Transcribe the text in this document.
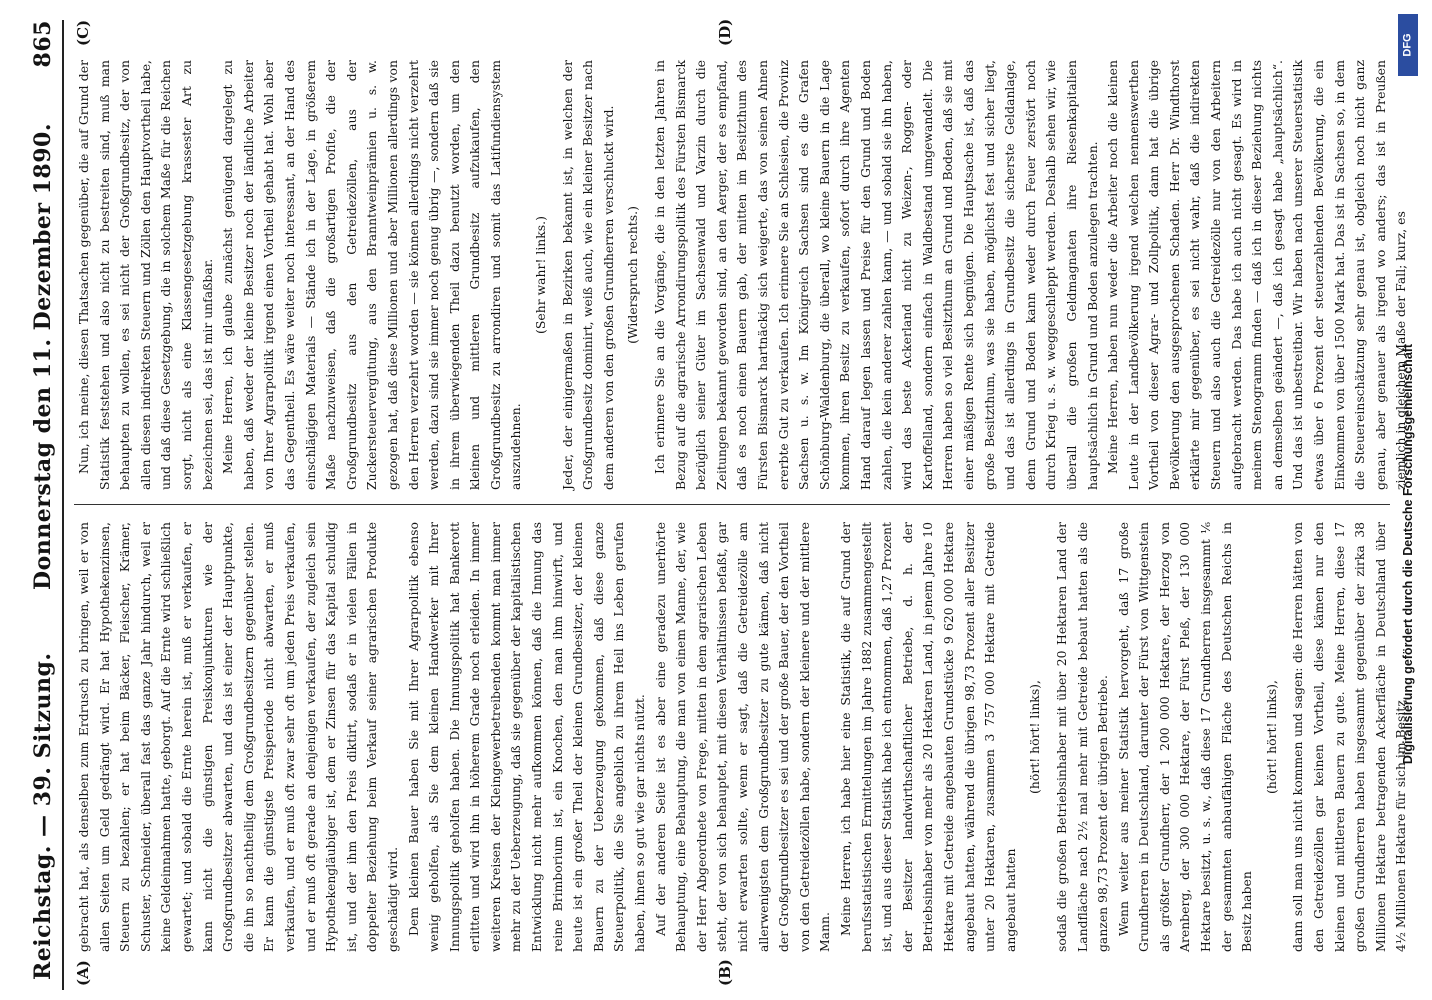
Reichstag. — 39. Sitzung.
Donnerstag den 11. Dezember 1890.
865
(A)	(B)
(C)	(D)

gebracht hat, als denselben zum Erdrusch zu bringen, weil er von allen Seiten um Geld gedrängt wird. Er hat Hypothekenzinsen, Steuern zu bezahlen; er hat beim Bäcker, Fleischer, Krämer, Schuster, Schneider, überall fast das ganze Jahr hindurch, weil er keine Geldeinnahmen hatte, geborgt. Auf die Ernte wird schließlich gewartet; und sobald die Ernte herein ist, muß er verkaufen, er kann nicht die günstigen Preiskonjunkturen wie der Großgrundbesitzer abwarten, und das ist einer der Hauptpunkte, die ihn so nachtheilig dem Großgrundbesitzern gegenüber stellen. Er kann die günstigste Preisperiode nicht abwarten, er muß verkaufen, und er muß oft zwar sehr oft um jeden Preis verkaufen, und er muß oft gerade an denjenigen verkaufen, der zugleich sein Hypothekengläubiger ist, dem er Zinsen für das Kapital schuldig ist, und der ihm den Preis diktirt, sodaß er in vielen Fällen in doppelter Beziehung beim Verkauf seiner agrarischen Produkte geschädigt wird. Dem kleinen Bauer haben Sie mit Ihrer Agrarpolitik ebenso wenig geholfen, als Sie dem kleinen Handwerker mit Ihrer Innungspolitik geholfen haben. Die Innungspolitik hat Bankerott erlitten und wird ihn in höherem Grade noch erleiden. In immer weiteren Kreisen der Kleingewerbetreibenden kommt man immer mehr zu der Ueberzeugung, daß sie gegenüber der kapitalistischen Entwicklung nicht mehr aufkommen können, daß die Innung das reine Brimborium ist, ein Knochen, den man ihm hinwirft, und heute ist ein großer Theil der kleinen Grundbesitzer, der kleinen Bauern zu der Ueberzeugung gekommen, daß diese ganze Steuerpolitik, die Sie angeblich zu ihrem Heil ins Leben gerufen haben, ihnen so gut wie gar nichts nützt. Auf der anderen Seite ist es aber eine geradezu unerhörte Behauptung, eine Behauptung, die man von einem Manne, der, wie der Herr Abgeordnete von Frege, mitten in dem agrarischen Leben steht, der von sich behauptet, mit diesen Verhältnissen befaßt, gar nicht erwarten sollte, wenn er sagt, daß die Getreidezölle am allerwenigsten dem Großgrundbesitzer zu gute kämen, daß nicht der Großgrundbesitzer es sei und der große Bauer, der den Vortheil von den Getreidezöllen habe, sondern der kleinere und der mittlere Mann. Meine Herren, ich habe hier eine Statistik, die auf Grund der berufsstatistischen Ermittelungen im Jahre 1882 zusammengestellt ist, und aus dieser Statistik habe ich entnommen, daß 1,27 Prozent der Besitzer landwirthschaftlicher Betriebe, d. h. der Betriebsinhaber von mehr als 20 Hektaren Land, in jenem Jahre 10 Hektare mit Getreide angebauten Grundstücke 9 620 000 Hektare angebaut hatten, während die übrigen 98,73 Prozent aller Besitzer unter 20 Hektaren, zusammen 3 757 000 Hektare mit Getreide angebaut hatten

(hört! hört! links), sodaß die großen Betriebsinhaber mit über 20 Hektaren Land der Landfläche nach 2½ mal mehr mit Getreide bebaut hatten als die ganzen 98,73 Prozent der übrigen Betriebe. Wenn weiter aus meiner Statistik hervorgeht, daß 17 große Grundherren in Deutschland, darunter der Fürst von Wittgenstein als größter Grundherr, der 1 200 000 Hektare, der Herzog von Arenberg, der 300 000 Hektare, der Fürst Pleß, der 130 000 Hektare besitzt, u. s. w., daß diese 17 Grundherren insgesammt ⅙ der gesammten anbaufähigen Fläche des Deutschen Reichs in Besitz haben

(hört! hört! links), dann soll man uns nicht kommen und sagen: die Herren hätten von den Getreidezöllen gar keinen Vortheil, diese kämen nur den kleinen und mittleren Bauern zu gute. Meine Herren, diese 17 großen Grundherren haben insgesammt gegenüber der zirka 38 Millionen Hektare betragenden Ackerfläche in Deutschland über 4½ Millionen Hektare für sich im Besitz.

Nun, ich meine, diesen Thatsachen gegenüber, die auf Grund der Statistik feststehen und also nicht zu bestreiten sind, muß man behaupten zu wollen, es sei nicht der Großgrundbesitz, der von allen diesen indirekten Steuern und Zöllen den Hauptvortheil habe, und daß diese Gesetzgebung, die in solchem Maße für die Reichen sorgt, nicht als eine Klassengesetzgebung krassester Art zu bezeichnen sei, das ist mir unfaßbar. Meine Herren, ich glaube zunächst genügend dargelegt zu haben, daß weder der kleine Besitzer noch der ländliche Arbeiter von Ihrer Agrarpolitik irgend einen Vortheil gehabt hat. Wohl aber das Gegentheil. Es wäre weiter noch interessant, an der Hand des einschlägigen Materials — Stände ich in der Lage, in größerem Maße nachzuweisen, daß die großartigen Profite, die der Großgrundbesitz aus den Getreidezöllen, aus der Zuckersteuervergütung, aus den Branntweinprämien u. s. w. gezogen hat, daß diese Millionen und aber Millionen allerdings von den Herren verzehrt worden — sie können allerdings nicht verzehrt werden, dazu sind sie immer noch genug übrig —, sondern daß sie in ihrem überwiegenden Theil dazu benutzt worden, um den kleinen und mittleren Grundbesitz aufzukaufen, den Großgrundbesitz zu arrondiren und somit das Latifundiensystem auszudehnen.

(Sehr wahr! links.) Jeder, der einigermaßen in Bezirken bekannt ist, in welchen der Großgrundbesitz dominirt, weiß auch, wie ein kleiner Besitzer nach dem anderen von den großen Grundherren verschluckt wird. (Widerspruch rechts.) Ich erinnere Sie an die Vorgänge, die in den letzten Jahren in Bezug auf die agrarische Arrondirungspolitik des Fürsten Bismarck bezüglich seiner Güter im Sachsenwald und Varzin durch die Zeitungen bekannt geworden sind, an den Aerger, der es empfand, daß es noch einen Bauern gab, der mitten im Besitzthum des Fürsten Bismarck hartnäckig sich weigerte, das von seinen Ahnen ererbte Gut zu verkaufen. Ich erinnere Sie an Schlesien, die Provinz Sachsen u. s. w. Im Königreich Sachsen sind es die Grafen Schönburg-Waldenburg, die überall, wo kleine Bauern in die Lage kommen, ihren Besitz zu verkaufen, sofort durch ihre Agenten Hand darauf legen lassen und Preise für den Grund und Boden zahlen, die kein anderer zahlen kann, — und sobald sie ihn haben, wird das beste Ackerland nicht zu Weizen-, Roggen- oder Kartoffelland, sondern einfach in Waldbestand umgewandelt. Die Herren haben so viel Besitzthum an Grund und Boden, daß sie mit einer mäßigen Rente sich begnügen. Die Hauptsache ist, daß das große Besitzthum, was sie haben, möglichst fest und sicher liegt, und das ist allerdings in Grundbesitz die sicherste Geldanlage, denn Grund und Boden kann weder durch Feuer zerstört noch durch Krieg u. s. w. weggeschleppt werden. Deshalb sehen wir, wie überall die großen Geldmagnaten ihre Riesenkapitalien hauptsächlich in Grund und Boden anzulegen trachten. Meine Herren, haben nun weder die Arbeiter noch die kleinen Leute in der Landbevölkerung irgend welchen nennenswerthen Vortheil von dieser Agrar- und Zollpolitik, dann hat die übrige Bevölkerung den ausgesprochenen Schaden. Herr Dr. Windthorst erklärte mir gegenüber, es sei nicht wahr, daß die indirekten Steuern und also auch die Getreidezölle nur von den Arbeitern aufgebracht werden. Das habe ich auch nicht gesagt. Es wird in meinem Stenogramm finden — daß ich in dieser Beziehung nichts an demselben geändert —, daß ich gesagt habe „hauptsächlich“. Und das ist unbestreitbar. Wir haben nach unserer Steuerstatistik etwas über 6 Prozent der steuerzahlenden Bevölkerung, die ein Einkommen von über 1500 Mark hat. Das ist in Sachsen so, in dem die Steuereinschätzung sehr genau ist, obgleich noch nicht ganz genau, aber genauer als irgend wo anders; das ist in Preußen ziemlich in gleichem Maße der Fall; kurz, es

DFG
Digitalisierung gefördert durch die Deutsche Forschungsgemeinschaft
